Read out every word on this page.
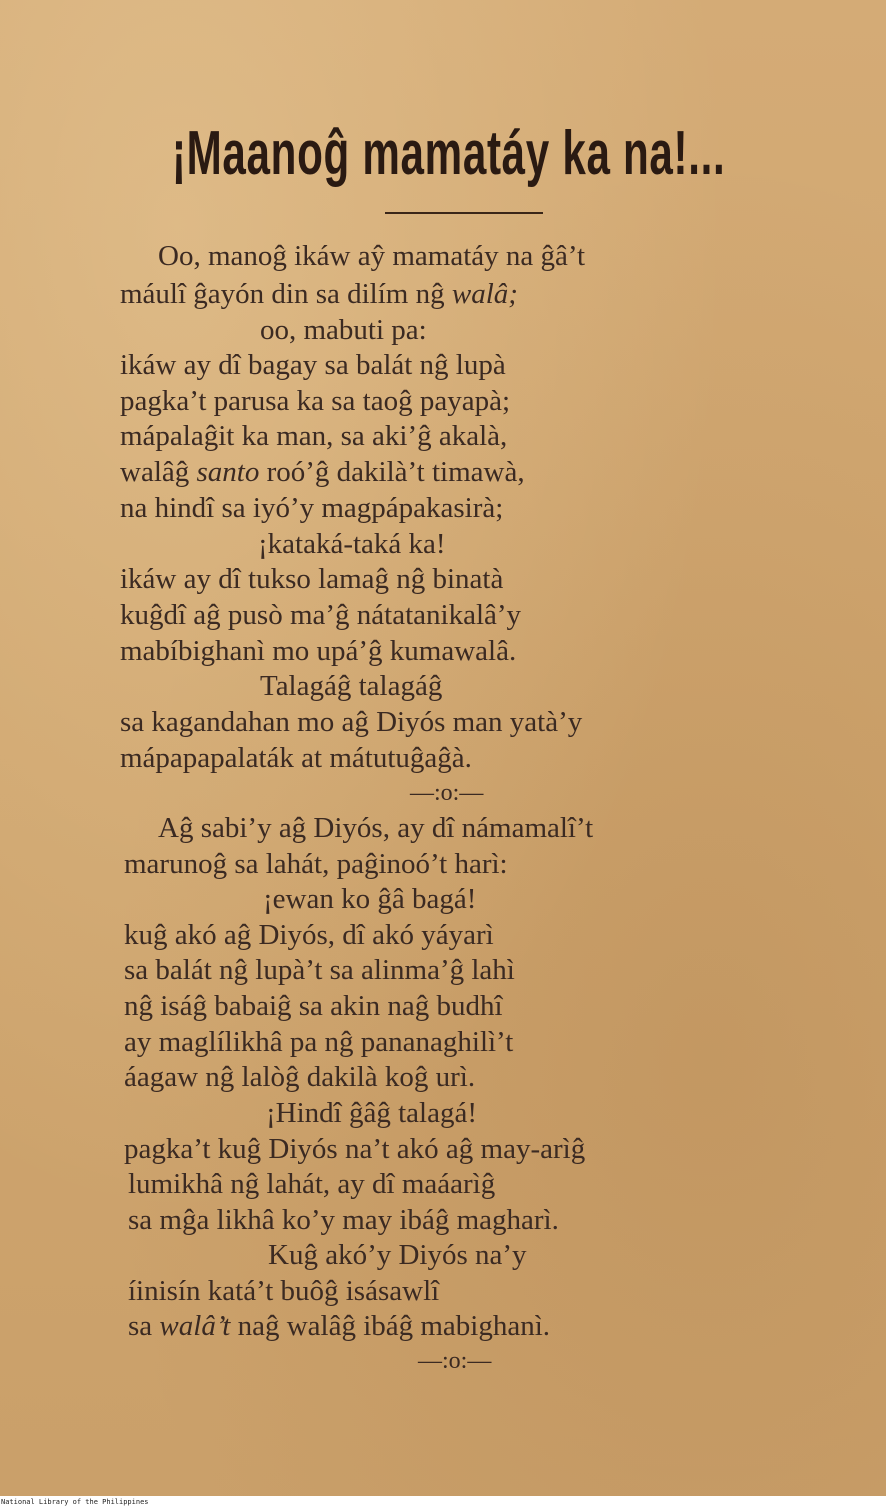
¡Maanoĝ mamatáy ka na!...
Oo, manoĝ ikáw aŷ mamatáy na ĝâ’t
máulî ĝayón din sa dilím nĝ walâ;
oo, mabuti pa:
ikáw ay dî bagay sa balát nĝ lupà
pagka’t parusa ka sa taoĝ payapà;
mápalaĝit ka man, sa aki’ĝ akalà,
walâĝ santo roó’ĝ dakilà’t timawà,
na hindî sa iyó’y magpápakasirà;
¡kataká-taká ka!
ikáw ay dî tukso lamaĝ nĝ binatà
kuĝdî aĝ pusò ma’ĝ nátatanikalâ’y
mabíbighanì mo upá’ĝ kumawalâ.
Talagáĝ talagáĝ
sa kagandahan mo aĝ Diyós man yatà’y
mápapapalaták at mátutuĝaĝà.
—:o:—
Aĝ sabi’y aĝ Diyós, ay dî námamalî’t
marunoĝ sa lahát, paĝinoó’t harì:
¡ewan ko ĝâ bagá!
kuĝ akó aĝ Diyós, dî akó yáyarì
sa balát nĝ lupà’t sa alinma’ĝ lahì
nĝ isáĝ babaiĝ sa akin naĝ budhî
ay maglílikhâ pa nĝ pananaghilì’t
áagaw nĝ lalòĝ dakilà koĝ urì.
¡Hindî ĝâĝ talagá!
pagka’t kuĝ Diyós na’t akó aĝ may-arìĝ
lumikhâ nĝ lahát, ay dî maáarìĝ
sa mĝa likhâ ko’y may ibáĝ magharì.
Kuĝ akó’y Diyós na’y
íinisín katá’t buôĝ isásawlî
sa walâ’t naĝ walâĝ ibáĝ mabighanì.
—:o:—
National Library of the Philippines
